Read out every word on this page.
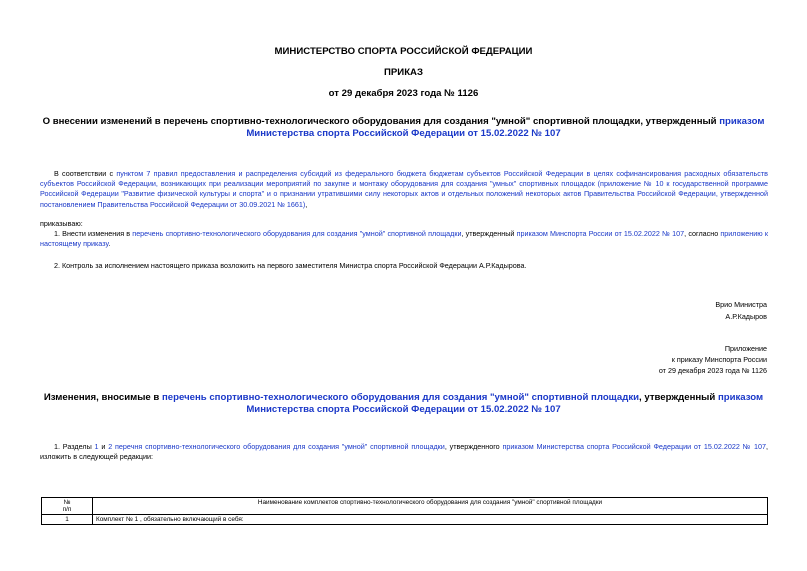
МИНИСТЕРСТВО СПОРТА РОССИЙСКОЙ ФЕДЕРАЦИИ
ПРИКАЗ
от 29 декабря 2023 года № 1126
О внесении изменений в перечень спортивно-технологического оборудования для создания "умной" спортивной площадки, утвержденный приказом Министерства спорта Российской Федерации от 15.02.2022 № 107
В соответствии с пунктом 7 правил предоставления и распределения субсидий из федерального бюджета бюджетам субъектов Российской Федерации в целях софинансирования расходных обязательств субъектов Российской Федерации, возникающих при реализации мероприятий по закупке и монтажу оборудования для создания "умных" спортивных площадок (приложение № 10 к государственной программе Российской Федерации "Развитие физической культуры и спорта" и о признании утратившими силу некоторых актов и отдельных положений некоторых актов Правительства Российской Федерации, утвержденной постановлением Правительства Российской Федерации от 30.09.2021 № 1661),
приказываю:
1. Внести изменения в перечень спортивно-технологического оборудования для создания "умной" спортивной площадки, утвержденный приказом Минспорта России от 15.02.2022 № 107, согласно приложению к настоящему приказу.
2. Контроль за исполнением настоящего приказа возложить на первого заместителя Министра спорта Российской Федерации А.Р.Кадырова.
Врио Министра
А.Р.Кадыров
Приложение
к приказу Минспорта России
от 29 декабря 2023 года № 1126
Изменения, вносимые в перечень спортивно-технологического оборудования для создания "умной" спортивной площадки, утвержденный приказом Министерства спорта Российской Федерации от 15.02.2022 № 107
1. Разделы 1 и 2 перечня спортивно-технологического оборудования для создания "умной" спортивной площадки, утвержденного приказом Министерства спорта Российской Федерации от 15.02.2022 № 107, изложить в следующей редакции:
№
п/п	Наименование комплектов спортивно-технологического оборудования для создания "умной" спортивной площадки
1	Комплект № 1 , обязательно включающий в себя:
